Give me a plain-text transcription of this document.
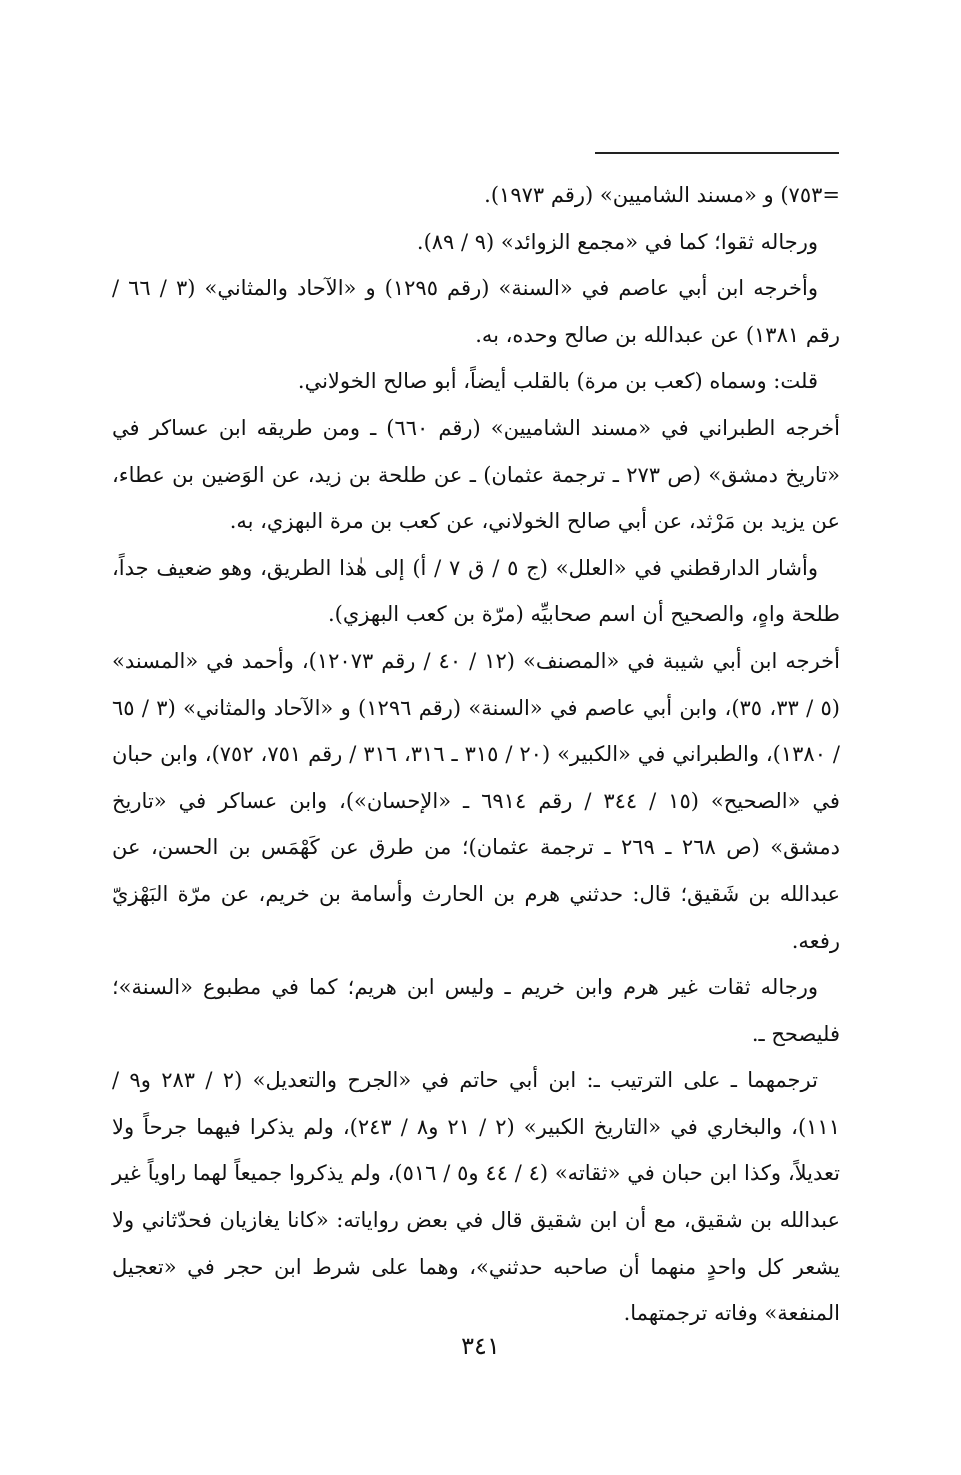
=٧٥٣) و «مسند الشاميين» (رقم ١٩٧٣).

ورجاله ثقوا؛ كما في «مجمع الزوائد» (٩ / ٨٩).

وأخرجه ابن أبي عاصم في «السنة» (رقم ١٢٩٥) و «الآحاد والمثاني» (٣ / ٦٦ / رقم ١٣٨١) عن عبدالله بن صالح وحده، به.

قلت: وسماه (كعب بن مرة) بالقلب أيضاً، أبو صالح الخولاني.

أخرجه الطبراني في «مسند الشاميين» (رقم ٦٦٠) ـ ومن طريقه ابن عساكر في «تاريخ دمشق» (ص ٢٧٣ ـ ترجمة عثمان) ـ عن طلحة بن زيد، عن الوَضين بن عطاء، عن يزيد بن مَرْثد، عن أبي صالح الخولاني، عن كعب بن مرة البهزي، به.

وأشار الدارقطني في «العلل» (ج ٥ / ق ٧ / أ) إلى هٰذا الطريق، وهو ضعيف جداً، طلحة واهٍ، والصحيح أن اسم صحابيِّه (مرّة بن كعب البهزي).

أخرجه ابن أبي شيبة في «المصنف» (١٢ / ٤٠ / رقم ١٢٠٧٣)، وأحمد في «المسند» (٥ / ٣٣، ٣٥)، وابن أبي عاصم في «السنة» (رقم ١٢٩٦) و «الآحاد والمثاني» (٣ / ٦٥ / ١٣٨٠)، والطبراني في «الكبير» (٢٠ / ٣١٥ ـ ٣١٦، ٣١٦ / رقم ٧٥١، ٧٥٢)، وابن حبان في «الصحيح» (١٥ / ٣٤٤ / رقم ٦٩١٤ ـ «الإحسان»)، وابن عساكر في «تاريخ دمشق» (ص ٢٦٨ ـ ٢٦٩ ـ ترجمة عثمان)؛ من طرق عن كَهْمَس بن الحسن، عن عبدالله بن شَقيق؛ قال: حدثني هرم بن الحارث وأسامة بن خريم، عن مرّة البَهْزيّ رفعه.

ورجاله ثقات غير هرم وابن خريم ـ وليس ابن هريم؛ كما في مطبوع «السنة»؛ فليصحح ـ.

ترجمهما ـ على الترتيب ـ: ابن أبي حاتم في «الجرح والتعديل» (٢ / ٢٨٣ و٩ / ١١١)، والبخاري في «التاريخ الكبير» (٢ / ٢١ و٨ / ٢٤٣)، ولم يذكرا فيهما جرحاً ولا تعديلاً، وكذا ابن حبان في «ثقاته» (٤ / ٤٤ و٥ / ٥١٦)، ولم يذكروا جميعاً لهما راوياً غير عبدالله بن شقيق، مع أن ابن شقيق قال في بعض رواياته: «كانا يغازيان فحدّثاني ولا يشعر كل واحدٍ منهما أن صاحبه حدثني»، وهما على شرط ابن حجر في «تعجيل المنفعة» وفاته ترجمتهما.

٣٤١
